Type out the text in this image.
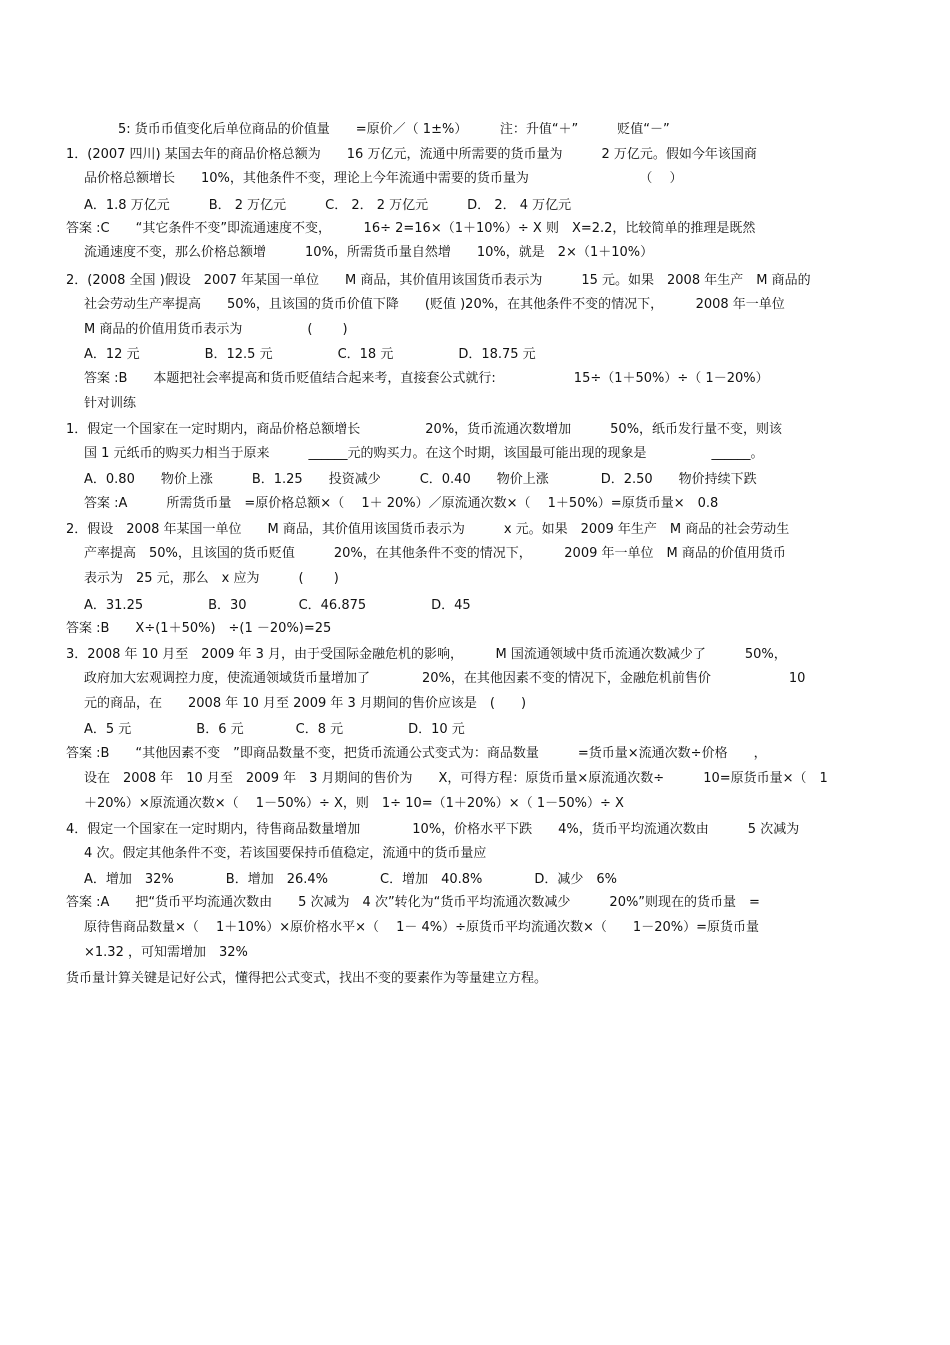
5: 货币币值变化后单位商品的价值量　　=原价／（ 1±%）　　　注：升值“＋”　　　贬值“－”
1．(2007 四川) 某国去年的商品价格总额为　　16 万亿元，流通中所需要的货币量为　　　2 万亿元。假如今年该国商
品价格总额增长　　10%，其他条件不变，理论上今年流通中需要的货币量为　　　　　　　　　（　 ）
A．1.8 万亿元　　　B． 2 万亿元　　　C． 2． 2 万亿元　　　D． 2． 4 万亿元
答案 :C　　“其它条件不变”即流通速度不变，　　　16÷ 2=16×（1＋10%）÷ X 则　X=2.2，比较简单的推理是既然
流通速度不变，那么价格总额增　　　10%，所需货币量自然增　　10%，就是　2×（1＋10%）
2．(2008 全国 )假设　2007 年某国一单位　　M 商品，其价值用该国货币表示为　　　15 元。如果　2008 年生产　M 商品的
社会劳动生产率提高　　50%，且该国的货币价值下降　　(贬值 )20%，在其他条件不变的情况下，　　　2008 年一单位
M 商品的价值用货币表示为　　　　　(　　 )
A．12 元　　　　　B．12.5 元　　　　　C．18 元　　　　　D．18.75 元
答案 :B　　本题把社会率提高和货币贬值结合起来考，直接套公式就行:　　　　　　15÷（1＋50%）÷（ 1－20%）
针对训练
1．假定一个国家在一定时期内，商品价格总额增长　　　　　20%，货币流通次数增加　　　50%，纸币发行量不变，则该
国 1 元纸币的购买力相当于原来　　　______元的购买力。在这个时期，该国最可能出现的现象是　　　　　______。
A．0.80　　物价上涨　　　B．1.25　　投资减少　　　C．0.40　　物价上涨　　　　D．2.50　　物价持续下跌
答案 :A　　　所需货币量　=原价格总额×（　 1＋ 20%）／原流通次数×（　 1＋50%）=原货币量×　0.8
2．假设　2008 年某国一单位　　M 商品，其价值用该国货币表示为　　　x 元。如果　2009 年生产　M 商品的社会劳动生
产率提高　50%，且该国的货币贬值　　　20%，在其他条件不变的情况下，　　　2009 年一单位　M 商品的价值用货币
表示为　25 元，那么　x 应为　　　(　　 )
A．31.25　　　　　B．30　　　　C．46.875　　　　　D．45
答案 :B　　X÷(1＋50%)　÷(1 －20%)=25
3．2008 年 10 月至　2009 年 3 月，由于受国际金融危机的影响，　　　M 国流通领域中货币流通次数减少了　　　50%，
政府加大宏观调控力度，使流通领域货币量增加了　　　　20%，在其他因素不变的情况下，金融危机前售价　　　　　　10
元的商品，在　　2008 年 10 月至 2009 年 3 月期间的售价应该是　(　　)
A．5 元　　　　　B．6 元　　　　C．8 元　　　　　D．10 元
答案 :B　　“其他因素不变　”即商品数量不变，把货币流通公式变式为：商品数量　　　=货币量×流通次数÷价格　　，
设在　2008 年　10 月至　2009 年　3 月期间的售价为　　X，可得方程：原货币量×原流通次数÷　　　10=原货币量×（　1
＋20%）×原流通次数×（　 1－50%）÷ X，则　1÷ 10=（1＋20%）×（ 1－50%）÷ X
4．假定一个国家在一定时期内，待售商品数量增加　　　　10%，价格水平下跌　　4%，货币平均流通次数由　　　5 次减为
4 次。假定其他条件不变，若该国要保持币值稳定，流通中的货币量应
A．增加　32%　　　　B．增加　26.4%　　　　C．增加　40.8%　　　　D．减少　6%
答案 :A　　把“货币平均流通次数由　　5 次减为　4 次”转化为“货币平均流通次数减少　　　20%”则现在的货币量　=
原待售商品数量×（　 1＋10%）×原价格水平×（　 1－ 4%）÷原货币平均流通次数×（　　1－20%）=原货币量
×1.32 ，可知需增加　32%
货币量计算关键是记好公式，懂得把公式变式，找出不变的要素作为等量建立方程。
